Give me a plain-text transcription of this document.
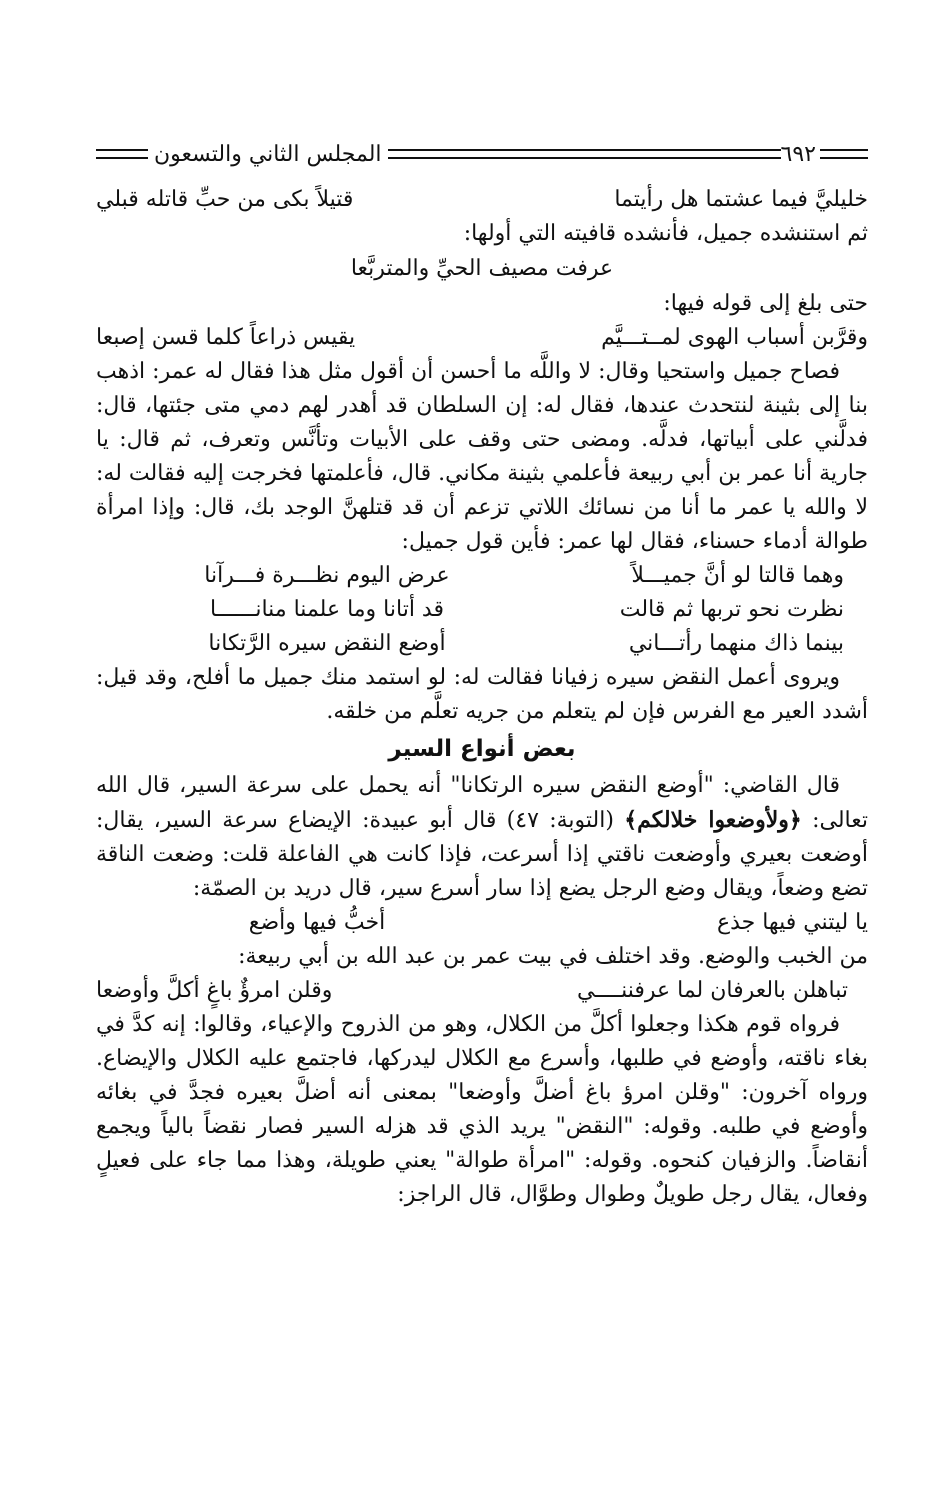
المجلس الثاني والتسعون	٦٩٢
خليليَّ فيما عشتما هل رأيتما
قتيلاً بكى من حبِّ قاتله قبلي

ثم استنشده جميل، فأنشده قافيته التي أولها:

عرفت مصيف الحيِّ والمتربَّعا

حتى بلغ إلى قوله فيها:

وقرَّبن أسباب الهوى لمــتـــيَّم
يقيس ذراعاً كلما قسن إصبعا

فصاح جميل واستحيا وقال: لا واللَّه ما أحسن أن أقول مثل هذا فقال له عمر: اذهب بنا إلى بثينة لنتحدث عندها، فقال له: إن السلطان قد أهدر لهم دمي متى جئتها، قال: فدلَّني على أبياتها، فدلَّه. ومضى حتى وقف على الأبيات وتأنَّس وتعرف، ثم قال: يا جارية أنا عمر بن أبي ربيعة فأعلمي بثينة مكاني. قال، فأعلمتها فخرجت إليه فقالت له: لا والله يا عمر ما أنا من نسائك اللاتي تزعم أن قد قتلهنَّ الوجد بك، قال: وإذا امرأة طوالة أدماء حسناء، فقال لها عمر: فأين قول جميل:

وهما قالتا لو أنَّ جميـــلاً
عرض اليوم نظـــرة فـــرآنا
نظرت نحو تربها ثم قالت
قد أتانا وما علمنا منانــــــا
بينما ذاك منهما رأتـــاني
أوضع النقض سيره الرَّتكانا

ويروى أعمل النقض سيره زفيانا فقالت له: لو استمد منك جميل ما أفلح، وقد قيل: أشدد العير مع الفرس فإن لم يتعلم من جريه تعلَّم من خلقه.

بعض أنواع السير

قال القاضي: "أوضع النقض سيره الرتكانا" أنه يحمل على سرعة السير، قال الله تعالى: ﴿ولأوضعوا خلالكم﴾ (التوبة: ٤٧) قال أبو عبيدة: الإيضاع سرعة السير، يقال: أوضعت بعيري وأوضعت ناقتي إذا أسرعت، فإذا كانت هي الفاعلة قلت: وضعت الناقة تضع وضعاً، ويقال وضع الرجل يضع إذا سار أسرع سير، قال دريد بن الصمّة:

يا ليتني فيها جذع
أخبُّ فيها وأضع

من الخبب والوضع. وقد اختلف في بيت عمر بن عبد الله بن أبي ربيعة:

تباهلن بالعرفان لما عرفننــــي
وقلن امرؤٌ باغٍ أكلَّ وأوضعا

فرواه قوم هكذا وجعلوا أكلَّ من الكلال، وهو من الذروح والإعياء، وقالوا: إنه كدَّ في بغاء ناقته، وأوضع في طلبها، وأسرع مع الكلال ليدركها، فاجتمع عليه الكلال والإيضاع. ورواه آخرون: "وقلن امرؤ باغ أضلَّ وأوضعا" بمعنى أنه أضلَّ بعيره فجدَّ في بغائه وأوضع في طلبه. وقوله: "النقض" يريد الذي قد هزله السير فصار نقضاً بالياً ويجمع أنقاضاً. والزفيان كنحوه. وقوله: "امرأة طوالة" يعني طويلة، وهذا مما جاء على فعيلٍ وفعال، يقال رجل طويلٌ وطوال وطوَّال، قال الراجز:
